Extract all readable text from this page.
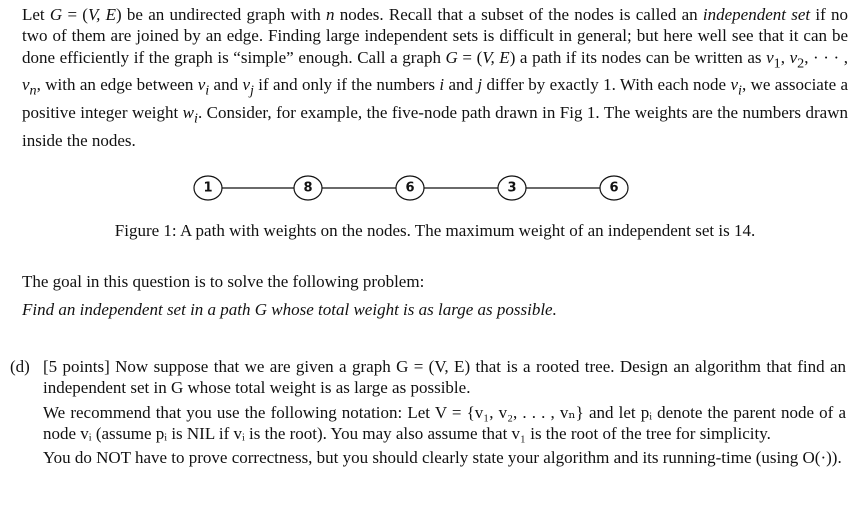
Let G = (V, E) be an undirected graph with n nodes. Recall that a subset of the nodes is called an independent set if no two of them are joined by an edge. Finding large independent sets is difficult in general; but here well see that it can be done efficiently if the graph is “simple” enough. Call a graph G = (V, E) a path if its nodes can be written as $v_1$, $v_2$, · · · , $v_n$, with an edge between $v_i$ and $v_j$ if and only if the numbers i and j differ by exactly 1. With each node $v_i$, we associate a positive integer weight $w_i$. Consider, for example, the five-node path drawn in Fig 1. The weights are the numbers drawn inside the nodes.
1	8	6	3	6
Figure 1: A path with weights on the nodes. The maximum weight of an independent set is 14.
The goal in this question is to solve the following problem:
Find an independent set in a path G whose total weight is as large as possible.
(d) [5 points] Now suppose that we are given a graph G = (V, E) that is a rooted tree. Design an algorithm that find an independent set in G whose total weight is as large as possible.

We recommend that you use the following notation: Let V = {v₁, v₂, . . . , vₙ} and let pᵢ denote the parent node of a node vᵢ (assume pᵢ is NIL if vᵢ is the root). You may also assume that v₁ is the root of the tree for simplicity.

You do NOT have to prove correctness, but you should clearly state your algorithm and its running-time (using O(·)).
